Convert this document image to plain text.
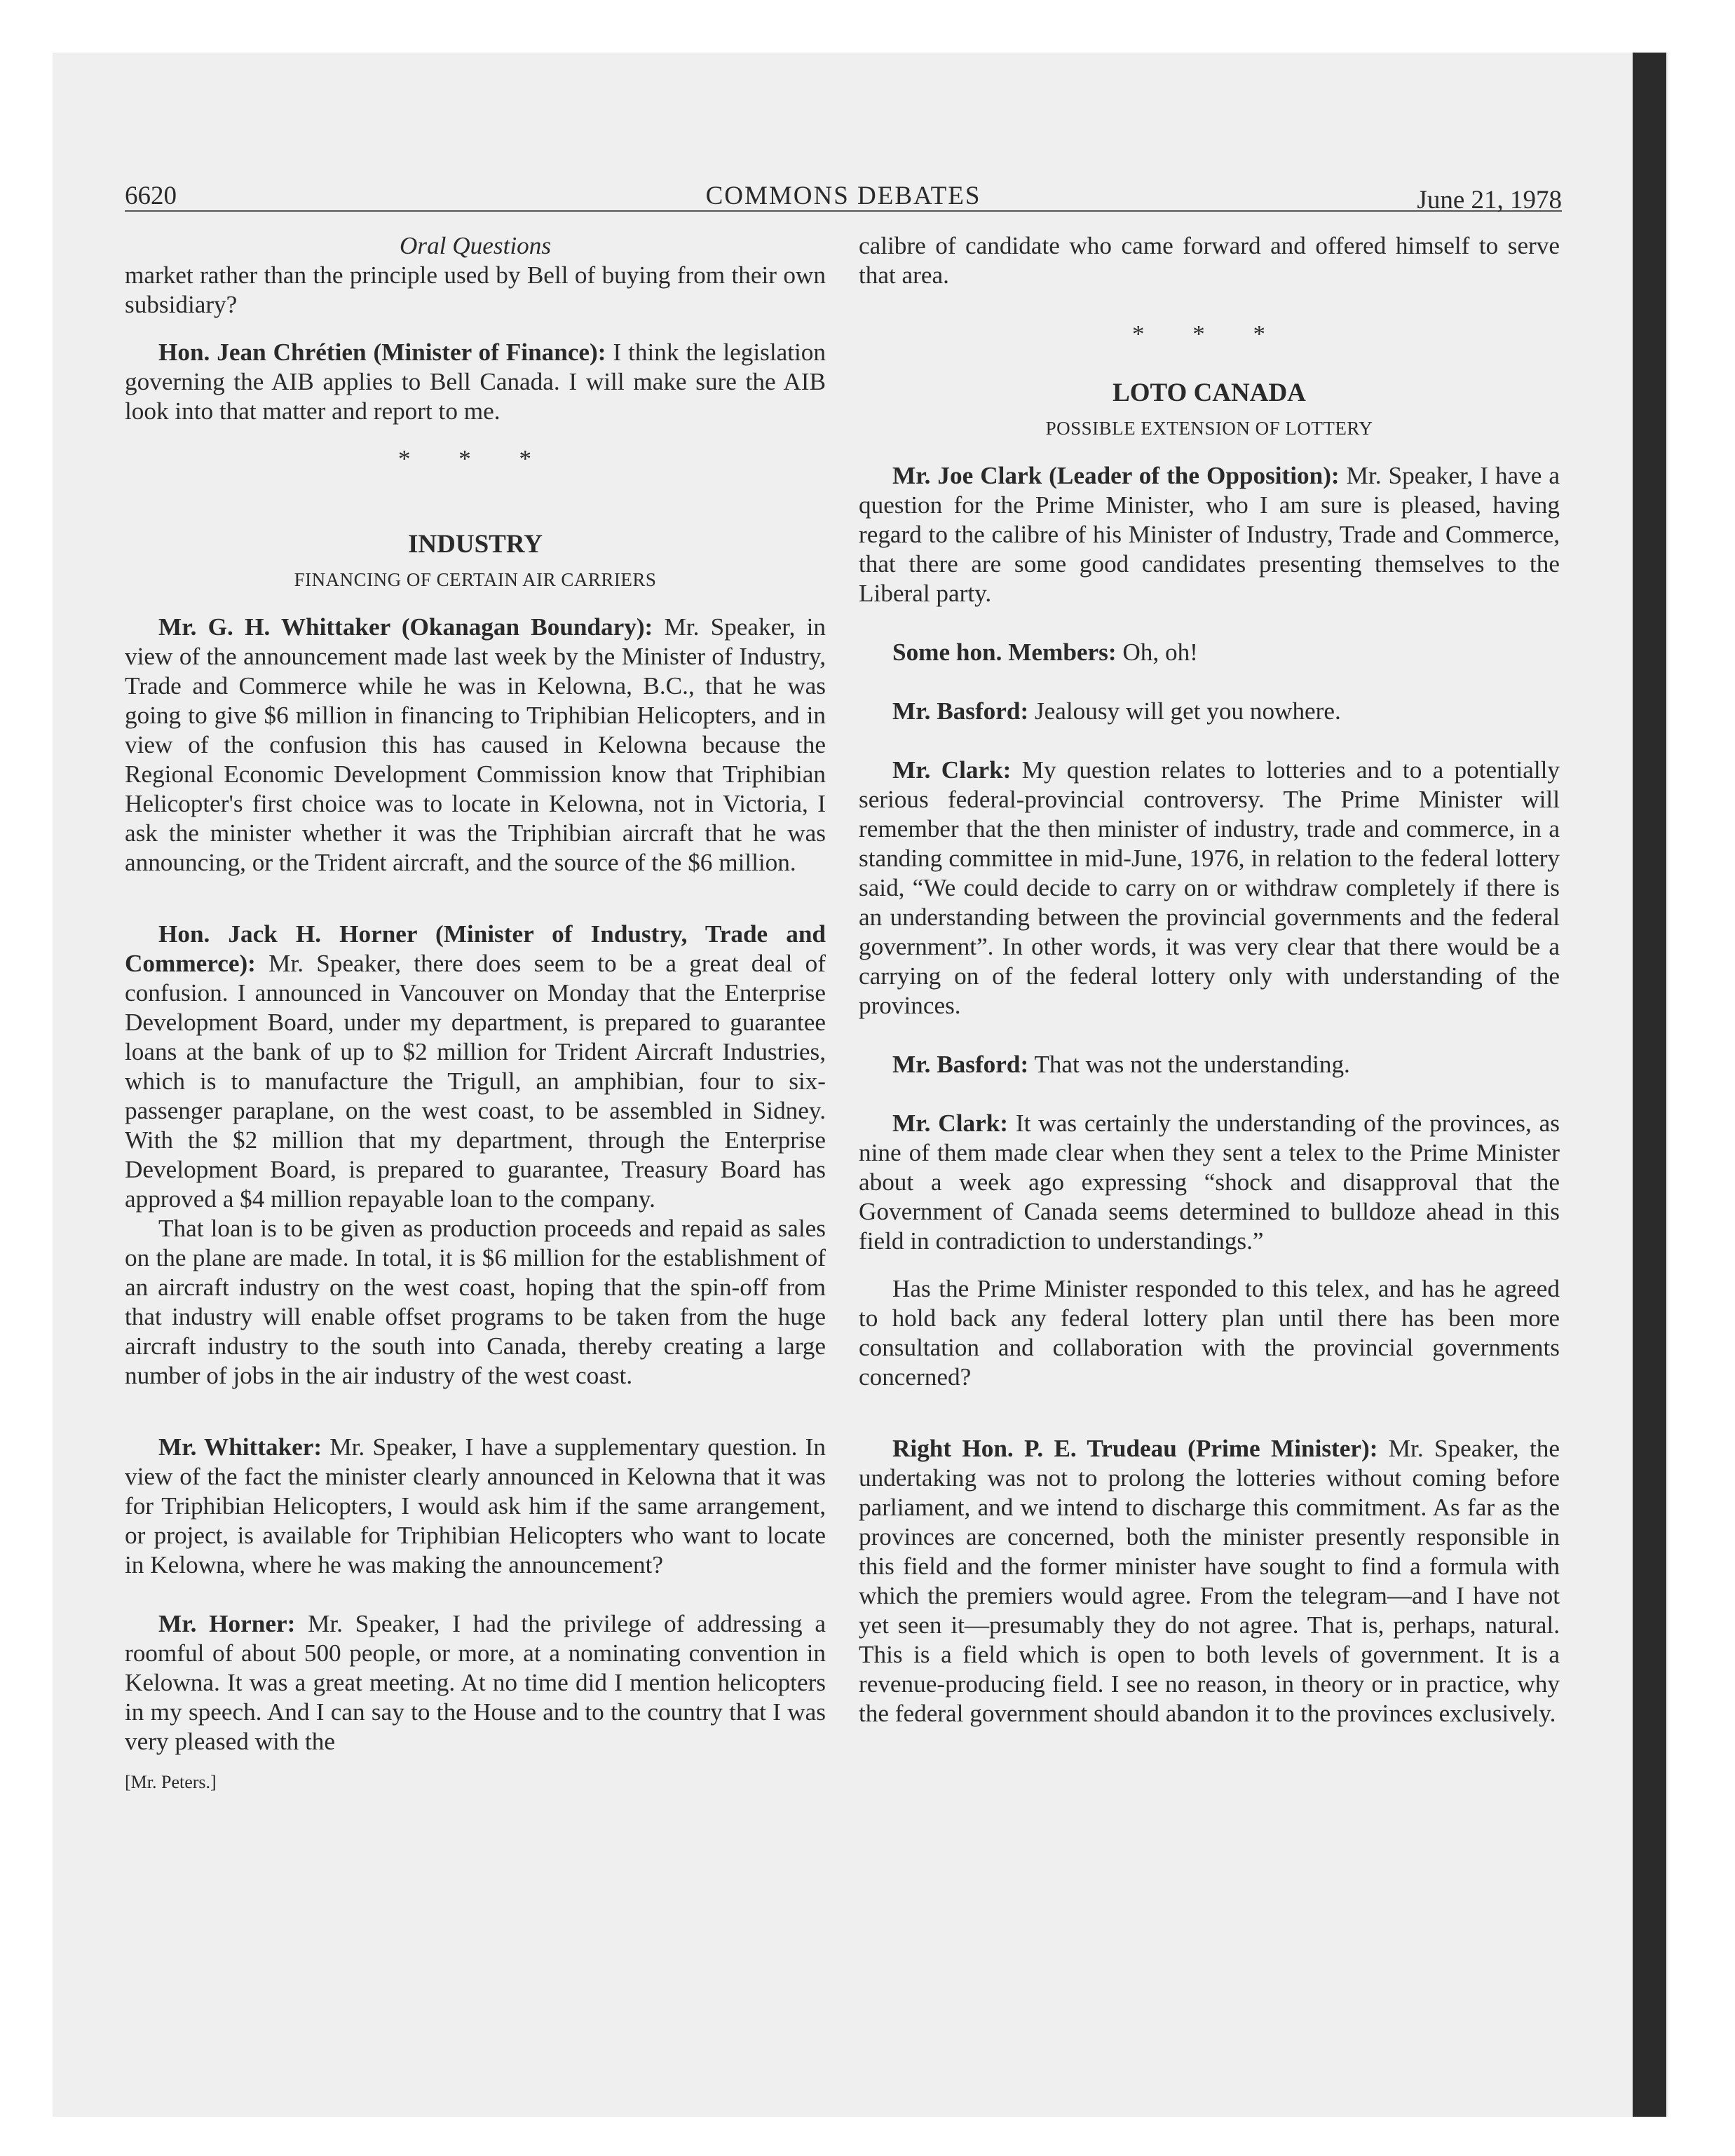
6620	COMMONS DEBATES	June 21, 1978

Oral Questions

market rather than the principle used by Bell of buying from their own subsidiary?

Hon. Jean Chrétien (Minister of Finance): I think the legislation governing the AIB applies to Bell Canada. I will make sure the AIB look into that matter and report to me.

* * *

INDUSTRY

FINANCING OF CERTAIN AIR CARRIERS

Mr. G. H. Whittaker (Okanagan Boundary): Mr. Speaker, in view of the announcement made last week by the Minister of Industry, Trade and Commerce while he was in Kelowna, B.C., that he was going to give $6 million in financing to Triphibian Helicopters, and in view of the confusion this has caused in Kelowna because the Regional Economic Development Commission know that Triphibian Helicopter's first choice was to locate in Kelowna, not in Victoria, I ask the minister whether it was the Triphibian aircraft that he was announcing, or the Trident aircraft, and the source of the $6 million.

Hon. Jack H. Horner (Minister of Industry, Trade and Commerce): Mr. Speaker, there does seem to be a great deal of confusion. I announced in Vancouver on Monday that the Enterprise Development Board, under my department, is prepared to guarantee loans at the bank of up to $2 million for Trident Aircraft Industries, which is to manufacture the Trigull, an amphibian, four to six-passenger paraplane, on the west coast, to be assembled in Sidney. With the $2 million that my department, through the Enterprise Development Board, is prepared to guarantee, Treasury Board has approved a $4 million repayable loan to the company.

That loan is to be given as production proceeds and repaid as sales on the plane are made. In total, it is $6 million for the establishment of an aircraft industry on the west coast, hoping that the spin-off from that industry will enable offset programs to be taken from the huge aircraft industry to the south into Canada, thereby creating a large number of jobs in the air industry of the west coast.

Mr. Whittaker: Mr. Speaker, I have a supplementary question. In view of the fact the minister clearly announced in Kelowna that it was for Triphibian Helicopters, I would ask him if the same arrangement, or project, is available for Triphibian Helicopters who want to locate in Kelowna, where he was making the announcement?

Mr. Horner: Mr. Speaker, I had the privilege of addressing a roomful of about 500 people, or more, at a nominating convention in Kelowna. It was a great meeting. At no time did I mention helicopters in my speech. And I can say to the House and to the country that I was very pleased with the

[Mr. Peters.]

calibre of candidate who came forward and offered himself to serve that area.

* * *

LOTO CANADA

POSSIBLE EXTENSION OF LOTTERY

Mr. Joe Clark (Leader of the Opposition): Mr. Speaker, I have a question for the Prime Minister, who I am sure is pleased, having regard to the calibre of his Minister of Industry, Trade and Commerce, that there are some good candidates presenting themselves to the Liberal party.

Some hon. Members: Oh, oh!

Mr. Basford: Jealousy will get you nowhere.

Mr. Clark: My question relates to lotteries and to a potentially serious federal-provincial controversy. The Prime Minister will remember that the then minister of industry, trade and commerce, in a standing committee in mid-June, 1976, in relation to the federal lottery said, “We could decide to carry on or withdraw completely if there is an understanding between the provincial governments and the federal government”. In other words, it was very clear that there would be a carrying on of the federal lottery only with understanding of the provinces.

Mr. Basford: That was not the understanding.

Mr. Clark: It was certainly the understanding of the provinces, as nine of them made clear when they sent a telex to the Prime Minister about a week ago expressing “shock and disapproval that the Government of Canada seems determined to bulldoze ahead in this field in contradiction to understandings.”

Has the Prime Minister responded to this telex, and has he agreed to hold back any federal lottery plan until there has been more consultation and collaboration with the provincial governments concerned?

Right Hon. P. E. Trudeau (Prime Minister): Mr. Speaker, the undertaking was not to prolong the lotteries without coming before parliament, and we intend to discharge this commitment. As far as the provinces are concerned, both the minister presently responsible in this field and the former minister have sought to find a formula with which the premiers would agree. From the telegram—and I have not yet seen it—presumably they do not agree. That is, perhaps, natural. This is a field which is open to both levels of government. It is a revenue-producing field. I see no reason, in theory or in practice, why the federal government should abandon it to the provinces exclusively.
